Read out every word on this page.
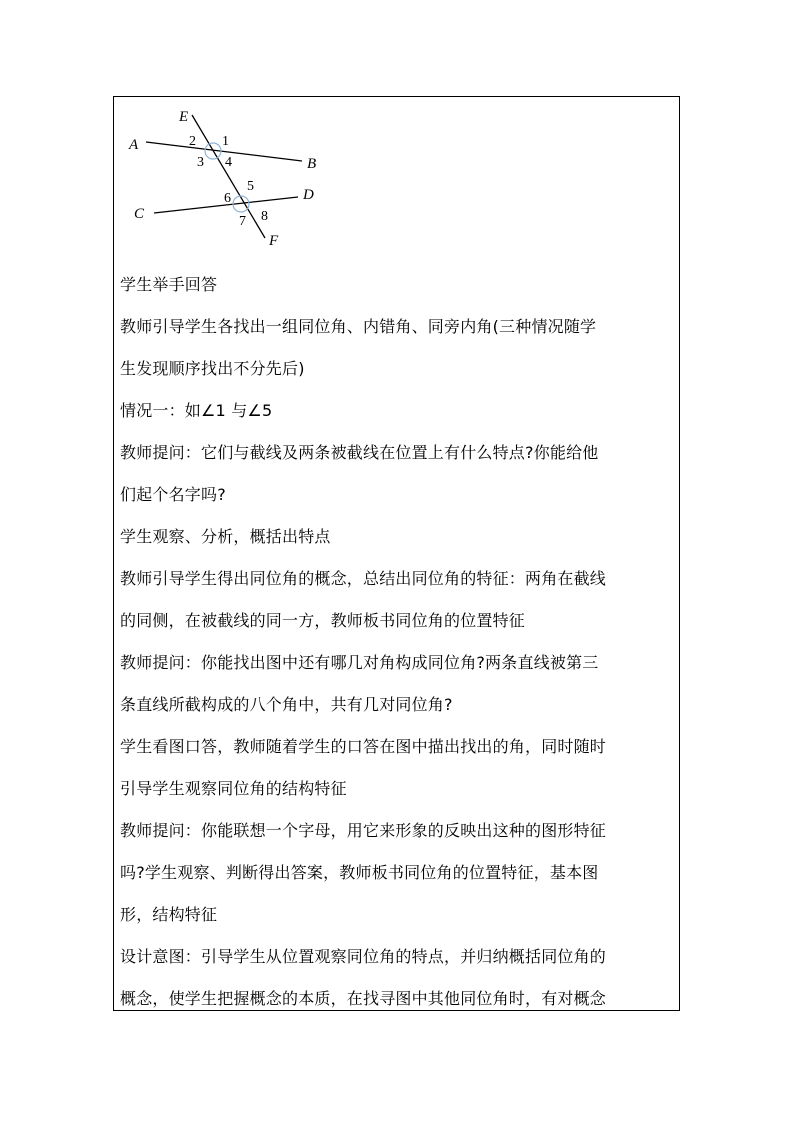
E
A
B
C
D
F
1
2
3 4
5
6
7 8
学生举手回答
教师引导学生各找出一组同位角、内错角、同旁内角(三种情况随学
生发现顺序找出不分先后)
情况一：如∠1 与∠5
教师提问：它们与截线及两条被截线在位置上有什么特点?你能给他
们起个名字吗?
学生观察、分析，概括出特点
教师引导学生得出同位角的概念，总结出同位角的特征：两角在截线
的同侧，在被截线的同一方，教师板书同位角的位置特征
教师提问：你能找出图中还有哪几对角构成同位角?两条直线被第三
条直线所截构成的八个角中，共有几对同位角?
学生看图口答，教师随着学生的口答在图中描出找出的角，同时随时
引导学生观察同位角的结构特征
教师提问：你能联想一个字母，用它来形象的反映出这种的图形特征
吗?学生观察、判断得出答案，教师板书同位角的位置特征，基本图
形，结构特征
设计意图：引导学生从位置观察同位角的特点，并归纳概括同位角的
概念，使学生把握概念的本质，在找寻图中其他同位角时，有对概念
